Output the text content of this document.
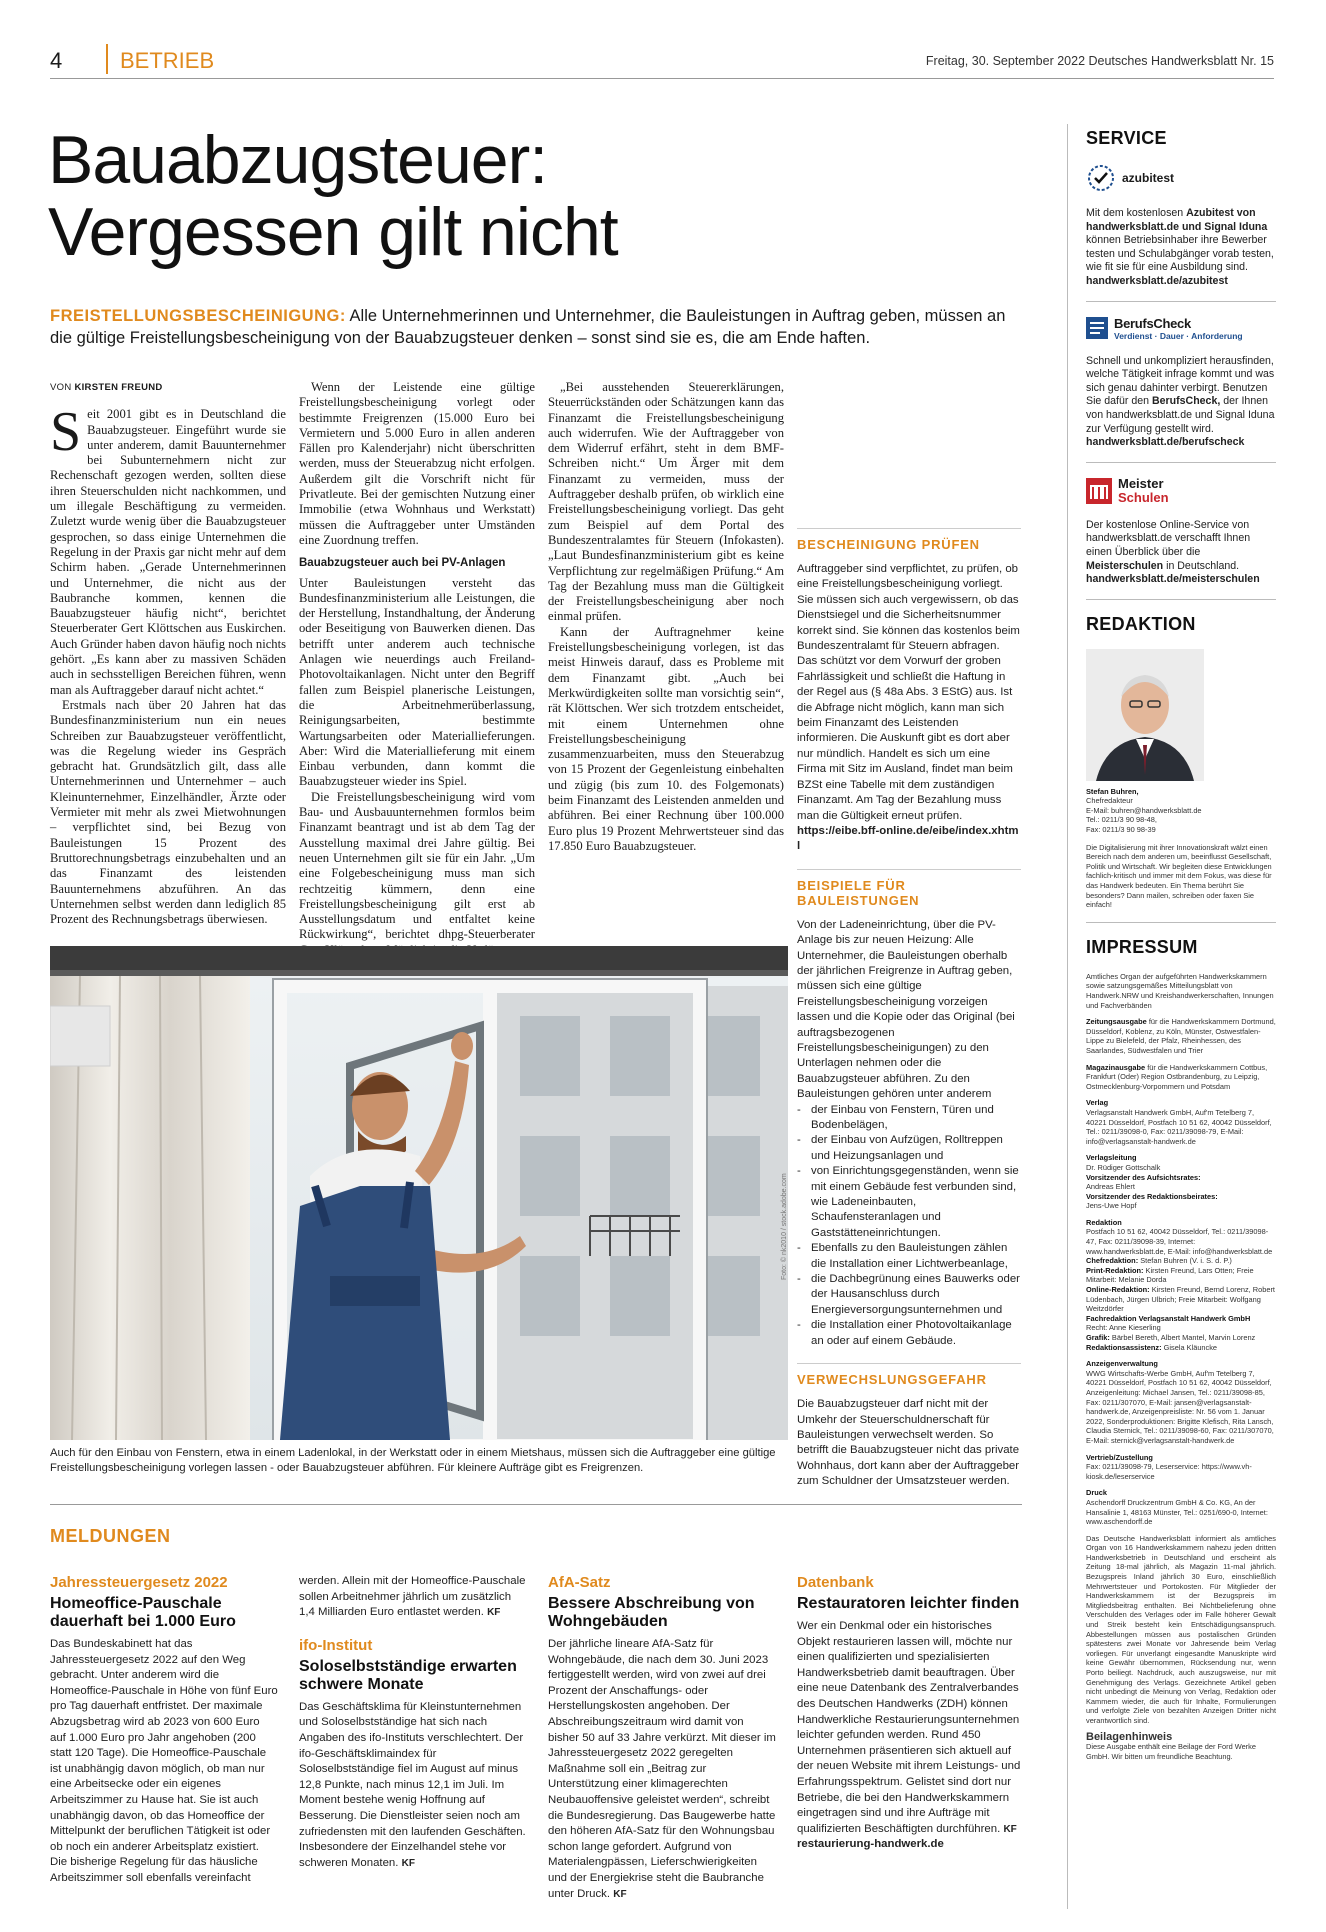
4	BETRIEB	Freitag, 30. September 2022 Deutsches Handwerksblatt Nr. 15
Bauabzugsteuer:
Vergessen gilt nicht
FREISTELLUNGSBESCHEINIGUNG: Alle Unternehmerinnen und Unternehmer, die Bauleistungen in Auftrag geben, müssen an die gültige Freistellungsbescheinigung von der Bauabzugsteuer denken – sonst sind sie es, die am Ende haften.
VON KIRSTEN FREUND

Seit 2001 gibt es in Deutschland die Bauabzugsteuer. Eingeführt wurde sie unter anderem, damit Bauunternehmer bei Subunternehmern nicht zur Rechenschaft gezogen werden, sollten diese ihren Steuerschulden nicht nachkommen, und um illegale Beschäftigung zu vermeiden. Zuletzt wurde wenig über die Bauabzugsteuer gesprochen, so dass einige Unternehmen die Regelung in der Praxis gar nicht mehr auf dem Schirm haben. „Gerade Unternehmerinnen und Unternehmer, die nicht aus der Baubranche kommen, kennen die Bauabzugsteuer häufig nicht“, berichtet Steuerberater Gert Klöttschen aus Euskirchen. Auch Gründer haben davon häufig noch nichts gehört. „Es kann aber zu massiven Schäden auch in sechsstelligen Bereichen führen, wenn man als Auftraggeber darauf nicht achtet.“

Erstmals nach über 20 Jahren hat das Bundesfinanzministerium nun ein neues Schreiben zur Bauabzugsteuer veröffentlicht, was die Regelung wieder ins Gespräch gebracht hat. Grundsätzlich gilt, dass alle Unternehmerinnen und Unternehmer – auch Kleinunternehmer, Einzelhändler, Ärzte oder Vermieter mit mehr als zwei Mietwohnungen – verpflichtet sind, bei Bezug von Bauleistungen 15 Prozent des Bruttorechnungsbetrags einzubehalten und an das Finanzamt des leistenden Bauunternehmens abzuführen. An das Unternehmen selbst werden dann lediglich 85 Prozent des Rechnungsbetrags überwiesen.

Wenn der Leistende eine gültige Freistellungsbescheinigung vorlegt oder bestimmte Freigrenzen (15.000 Euro bei Vermietern und 5.000 Euro in allen anderen Fällen pro Kalenderjahr) nicht überschritten werden, muss der Steuerabzug nicht erfolgen. Außerdem gilt die Vorschrift nicht für Privatleute. Bei der gemischten Nutzung einer Immobilie (etwa Wohnhaus und Werkstatt) müssen die Auftraggeber unter Umständen eine Zuordnung treffen.

Bauabzugsteuer auch bei PV-Anlagen

Unter Bauleistungen versteht das Bundesfinanzministerium alle Leistungen, die der Herstellung, Instandhaltung, der Änderung oder Beseitigung von Bauwerken dienen. Das betrifft unter anderem auch technische Anlagen wie neuerdings auch Freiland-Photovoltaikanlagen. Nicht unter den Begriff fallen zum Beispiel planerische Leistungen, die Arbeitnehmerüberlassung, Reinigungsarbeiten, bestimmte Wartungsarbeiten oder Materiallieferungen. Aber: Wird die Materiallieferung mit einem Einbau verbunden, dann kommt die Bauabzugsteuer wieder ins Spiel.

Die Freistellungsbescheinigung wird vom Bau- und Ausbauunternehmen formlos beim Finanzamt beantragt und ist ab dem Tag der Ausstellung maximal drei Jahre gültig. Bei neuen Unternehmen gilt sie für ein Jahr. „Um eine Folgebescheinigung muss man sich rechtzeitig kümmern, denn eine Freistellungsbescheinigung gilt erst ab Ausstellungsdatum und entfaltet keine Rückwirkung“, berichtet dhpg-Steuerberater

„Bei ausstehenden Steuererklärungen, Steuerrückständen oder Schätzungen kann das Finanzamt die Freistellungsbescheinigung auch widerrufen. Wie der Auftraggeber von dem Widerruf erfährt, steht in dem BMF-Schreiben nicht.“ Um Ärger mit dem Finanzamt zu vermeiden, muss der Auftraggeber deshalb prüfen, ob wirklich eine Freistellungsbescheinigung vorliegt. Das geht zum Beispiel auf dem Portal des Bundeszentralamtes für Steuern (Infokasten). „Laut Bundesfinanzministerium gibt es keine Verpflichtung zur regelmäßigen Prüfung.“ Am Tag der Bezahlung muss man die Gültigkeit der Freistellungsbescheinigung aber noch einmal prüfen.

Kann der Auftragnehmer keine Freistellungsbescheinigung vorlegen, ist das meist Hinweis darauf, dass es Probleme mit dem Finanzamt gibt. „Auch bei Merkwürdigkeiten sollte man vorsichtig sein“, rät Klöttschen. Wer sich trotzdem entscheidet, mit einem Unternehmen ohne Freistellungsbescheinigung zusammenzuarbeiten, muss den Steuerabzug von 15 Prozent der Gegenleistung einbehalten und zügig (bis zum 10. des Folgemonats) beim Finanzamt des Leistenden anmelden und abführen. Bei einer Rechnung über 100.000 Euro plus 19 Prozent Mehrwertsteuer sind das 17.850 Euro Bauabzugsteuer.

BESCHEINIGUNG PRÜFEN
Auftraggeber sind verpflichtet, zu prüfen, ob eine Freistellungsbescheinigung vorliegt. Sie müssen sich auch vergewissern, ob das Dienstsiegel und die Sicherheitsnummer korrekt sind. Sie können das kostenlos beim Bundeszentralamt für Steuern abfragen. Das schützt vor dem Vorwurf der groben Fahrlässigkeit und schließt die Haftung in der Regel aus (§ 48a Abs. 3 EStG) aus. Ist die Abfrage nicht möglich, kann man sich beim Finanzamt des Leistenden informieren. Die Auskunft gibt es dort aber nur mündlich. Handelt es sich um eine Firma mit Sitz im Ausland, findet man beim BZSt eine Tabelle mit dem zuständigen Finanzamt. Am Tag der Bezahlung muss man die Gültigkeit erneut prüfen.
https://eibe.bff-online.de/eibe/index.xhtml
BEISPIELE FÜR BAULEISTUNGEN
Von der Ladeneinrichtung, über die PV-Anlage bis zur neuen Heizung: Alle Unternehmer, die Bauleistungen oberhalb der jährlichen Freigrenze in Auftrag geben, müssen sich eine gültige Freistellungsbescheinigung vorzeigen lassen und die Kopie oder das Original (bei auftragsbezogenen Freistellungsbescheinigungen) zu den Unterlagen nehmen oder die Bauabzugsteuer abführen. Zu den Bauleistungen gehören unter anderem
- der Einbau von Fenstern, Türen und Bodenbelägen,
- der Einbau von Aufzügen, Rolltreppen und Heizungsanlagen und
- von Einrichtungsgegenständen, wenn sie mit einem Gebäude fest verbunden sind, wie Ladeneinbauten, Schaufensteranlagen und Gaststätteneinrichtungen.
- Ebenfalls zu den Bauleistungen zählen die Installation einer Lichtwerbeanlage,
- die Dachbegrünung eines Bauwerks oder der Hausanschluss durch Energieversorgungsunternehmen und
- die Installation einer Photovoltaikanlage an oder auf einem Gebäude.
VERWECHSLUNGSGEFAHR
Die Bauabzugsteuer darf nicht mit der Umkehr der Steuerschuldnerschaft für Bauleistungen verwechselt werden. So betrifft die Bauabzugsteuer nicht das private Wohnhaus, dort kann aber der Auftraggeber zum Schuldner der Umsatzsteuer werden.
Foto: © nk2010 / stock.adobe.com
Auch für den Einbau von Fenstern, etwa in einem Ladenlokal, in der Werkstatt oder in einem Mietshaus, müssen sich die Auftraggeber eine gültige Freistellungsbescheinigung vorlegen lassen - oder Bauabzugsteuer abführen. Für kleinere Aufträge gibt es Freigrenzen.
MELDUNGEN
Jahressteuergesetz 2022
Homeoffice-Pauschale dauerhaft bei 1.000 Euro
Das Bundeskabinett hat das Jahressteuergesetz 2022 auf den Weg gebracht. Unter anderem wird die Homeoffice-Pauschale in Höhe von fünf Euro pro Tag dauerhaft entfristet. Der maximale Abzugsbetrag wird ab 2023 von 600 Euro auf 1.000 Euro pro Jahr angehoben (200 statt 120 Tage). Die Homeoffice-Pauschale ist unabhängig davon möglich, ob man nur eine Arbeitsecke oder ein eigenes Arbeitszimmer zu Hause hat. Sie ist auch unabhängig davon, ob das Homeoffice der Mittelpunkt der beruflichen Tätigkeit ist oder ob noch ein anderer Arbeitsplatz existiert. Die bisherige Regelung für das häusliche Arbeitszimmer soll ebenfalls vereinfacht
werden. Allein mit der Homeoffice-Pauschale sollen Arbeitnehmer jährlich um zusätzlich 1,4 Milliarden Euro entlastet werden. KF
ifo-Institut
Soloselbstständige erwarten schwere Monate
Das Geschäftsklima für Kleinstunternehmen und Soloselbstständige hat sich nach Angaben des ifo-Instituts verschlechtert. Der ifo-Geschäftsklimaindex für Soloselbstständige fiel im August auf minus 12,8 Punkte, nach minus 12,1 im Juli. Im Moment bestehe wenig Hoffnung auf Besserung. Die Dienstleister seien noch am zufriedensten mit den laufenden Geschäften. Insbesondere der Einzelhandel stehe vor schweren Monaten. KF
AfA-Satz
Bessere Abschreibung von Wohngebäuden
Der jährliche lineare AfA-Satz für Wohngebäude, die nach dem 30. Juni 2023 fertiggestellt werden, wird von zwei auf drei Prozent der Anschaffungs- oder Herstellungskosten angehoben. Der Abschreibungszeitraum wird damit von bisher 50 auf 33 Jahre verkürzt. Mit dieser im Jahressteuergesetz 2022 geregelten Maßnahme soll ein „Beitrag zur Unterstützung einer klimagerechten Neubauoffensive geleistet werden“, schreibt die Bundesregierung. Das Baugewerbe hatte den höheren AfA-Satz für den Wohnungsbau schon lange gefordert. Aufgrund von Materialengpässen, Lieferschwierigkeiten und der Energiekrise steht die Baubranche unter Druck. KF
Datenbank
Restauratoren leichter finden
Wer ein Denkmal oder ein historisches Objekt restaurieren lassen will, möchte nur einen qualifizierten und spezialisierten Handwerksbetrieb damit beauftragen. Über eine neue Datenbank des Zentralverbandes des Deutschen Handwerks (ZDH) können Handwerkliche Restaurierungsunternehmen leichter gefunden werden. Rund 450 Unternehmen präsentieren sich aktuell auf der neuen Website mit ihrem Leistungs- und Erfahrungsspektrum. Gelistet sind dort nur Betriebe, die bei den Handwerkskammern eingetragen sind und ihre Aufträge mit qualifizierten Beschäftigten durchführen. KF
restaurierung-handwerk.de
SERVICE
azubitest
Mit dem kostenlosen Azubitest von handwerksblatt.de und Signal Iduna können Betriebsinhaber ihre Bewerber testen und Schulabgänger vorab testen, wie fit sie für eine Ausbildung sind.
handwerksblatt.de/azubitest
BerufsCheck
Verdienst · Dauer · Anforderung
Schnell und unkompliziert herausfinden, welche Tätigkeit infrage kommt und was sich genau dahinter verbirgt. Benutzen Sie dafür den BerufsCheck, der Ihnen von handwerksblatt.de und Signal Iduna zur Verfügung gestellt wird.
handwerksblatt.de/berufscheck
Meister
Schulen
Der kostenlose Online-Service von handwerksblatt.de verschafft Ihnen einen Überblick über die Meisterschulen in Deutschland.
handwerksblatt.de/meisterschulen
REDAKTION
Stefan Buhren,
Chefredakteur
E-Mail: buhren@handwerksblatt.de
Tel.: 0211/3 90 98-48,
Fax: 0211/3 90 98-39

Die Digitalisierung mit ihrer Innovationskraft wälzt einen Bereich nach dem anderen um, beeinflusst Gesellschaft, Politik und Wirtschaft. Wir begleiten diese Entwicklungen fachlich-kritisch und immer mit dem Fokus, was diese für das Handwerk bedeuten. Ein Thema berührt Sie besonders? Dann mailen, schreiben oder faxen Sie einfach!

IMPRESSUM

Amtliches Organ der aufgeführten Handwerkskammern sowie satzungsgemäßes Mitteilungsblatt von Handwerk.NRW und Kreishandwerkerschaften, Innungen und Fachverbänden

Zeitungsausgabe für die Handwerkskammern Dortmund, Düsseldorf, Koblenz, zu Köln, Münster, Ostwestfalen-Lippe zu Bielefeld, der Pfalz, Rheinhessen, des Saarlandes, Südwestfalen und Trier

Magazinausgabe für die Handwerkskammern Cottbus, Frankfurt (Oder) Region Ostbrandenburg, zu Leipzig, Ostmecklenburg-Vorpommern und Potsdam

Verlag
Verlagsanstalt Handwerk GmbH, Auf'm Tetelberg 7, 40221 Düsseldorf, Postfach 10 51 62, 40042 Düsseldorf, Tel.: 0211/39098-0, Fax: 0211/39098-79, E-Mail: info@verlagsanstalt-handwerk.de

Verlagsleitung
Dr. Rüdiger Gottschalk
Vorsitzender des Aufsichtsrates:
Andreas Ehlert
Vorsitzender des Redaktionsbeirates:
Jens-Uwe Hopf

Redaktion
Postfach 10 51 62, 40042 Düsseldorf, Tel.: 0211/39098-47, Fax: 0211/39098-39, Internet: www.handwerksblatt.de, E-Mail: info@handwerksblatt.de
Chefredaktion: Stefan Buhren (V. i. S. d. P.)
Print-Redaktion: Kirsten Freund, Lars Otten; Freie Mitarbeit: Melanie Dorda
Online-Redaktion: Kirsten Freund, Bernd Lorenz, Robert Lüdenbach, Jürgen Ulbrich; Freie Mitarbeit: Wolfgang Weitzdörfer
Fachredaktion Verlagsanstalt Handwerk GmbH
Recht: Anne Kieserling
Grafik: Bärbel Bereth, Albert Mantel, Marvin Lorenz
Redaktionsassistenz: Gisela Kläuncke

Anzeigenverwaltung
WWG Wirtschafts-Werbe GmbH, Auf'm Tetelberg 7, 40221 Düsseldorf, Postfach 10 51 62, 40042 Düsseldorf, Anzeigenleitung: Michael Jansen, Tel.: 0211/39098-85, Fax: 0211/307070, E-Mail: jansen@verlagsanstalt-handwerk.de, Anzeigenpreisliste: Nr. 56 vom 1. Januar 2022, Sonderproduktionen: Brigitte Klefisch, Rita Lansch, Claudia Sternick, Tel.: 0211/39098-60, Fax: 0211/307070, E-Mail: sternick@verlagsanstalt-handwerk.de

Vertrieb/Zustellung
Fax: 0211/39098-79, Leserservice: https://www.vh-kiosk.de/leserservice

Druck
Aschendorff Druckzentrum GmbH & Co. KG, An der Hansalinie 1, 48163 Münster, Tel.: 0251/690-0, Internet: www.aschendorff.de

Das Deutsche Handwerksblatt informiert als amtliches Organ von 16 Handwerkskammern nahezu jeden dritten Handwerksbetrieb in Deutschland und erscheint als Zeitung 18-mal jährlich, als Magazin 11-mal jährlich. Bezugspreis Inland jährlich 30 Euro, einschließlich Mehrwertsteuer und Portokosten. Für Mitglieder der Handwerkskammern ist der Bezugspreis im Mitgliedsbeitrag enthalten. Bei Nichtbelieferung ohne Verschulden des Verlages oder im Falle höherer Gewalt und Streik besteht kein Entschädigungsanspruch. Abbestellungen müssen aus postalischen Gründen spätestens zwei Monate vor Jahresende beim Verlag vorliegen. Für unverlangt eingesandte Manuskripte wird keine Gewähr übernommen, Rücksendung nur, wenn Porto beiliegt. Nachdruck, auch auszugsweise, nur mit Genehmigung des Verlags. Gezeichnete Artikel geben nicht unbedingt die Meinung von Verlag, Redaktion oder Kammern wieder, die auch für Inhalte, Formulierungen und verfolgte Ziele von bezahlten Anzeigen Dritter nicht verantwortlich sind.

Beilagenhinweis

Diese Ausgabe enthält eine Beilage der Ford Werke GmbH. Wir bitten um freundliche Beachtung.
